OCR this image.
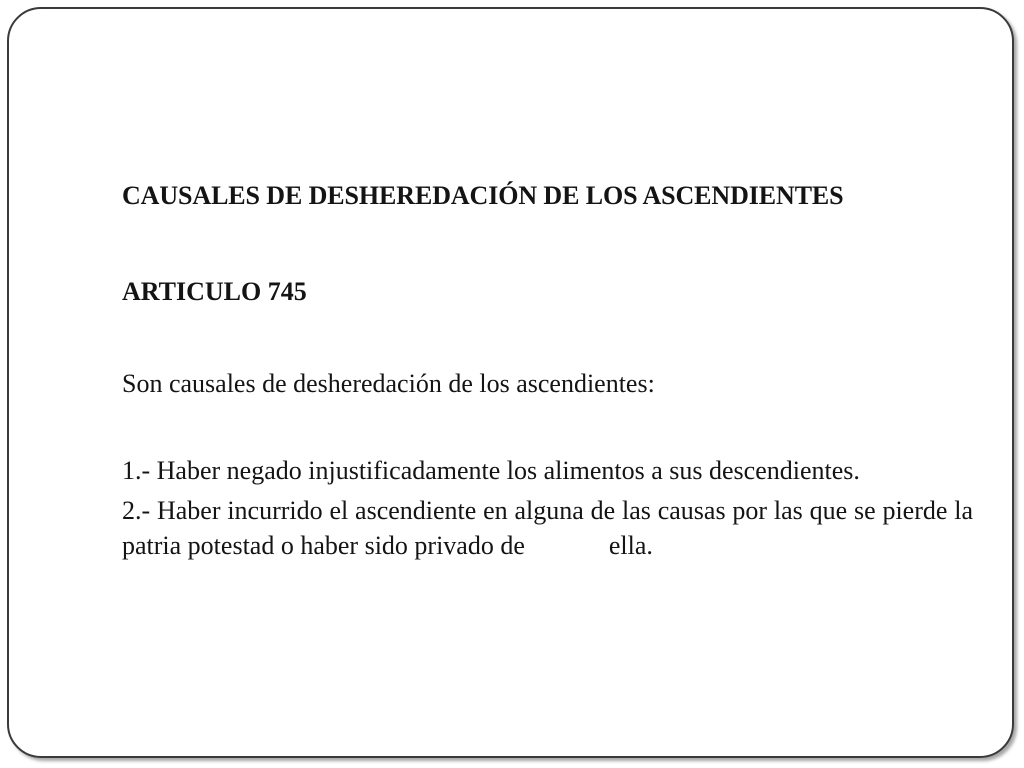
CAUSALES DE DESHEREDACIÓN DE LOS ASCENDIENTES

ARTICULO 745

Son causales de desheredación de los ascendientes:

1.- Haber negado injustificadamente los alimentos a sus descendientes.

2.- Haber incurrido el ascendiente en alguna de las causas por las que se pierde la patria potestad o haber sido privado de	ella.
